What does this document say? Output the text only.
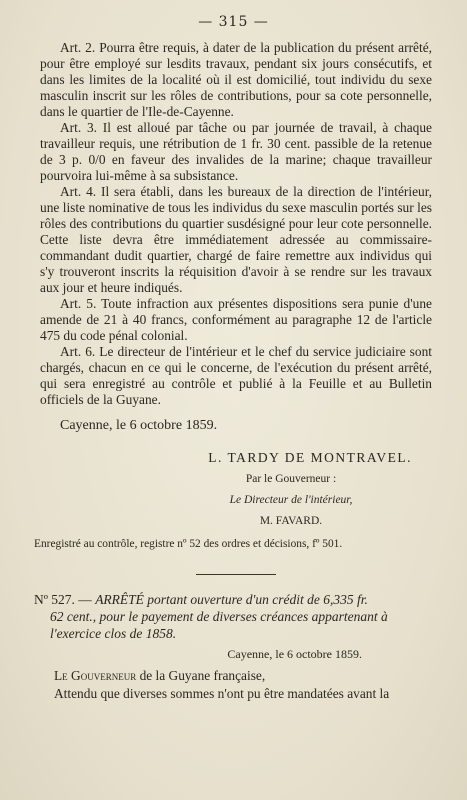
— 315 —

Art. 2. Pourra être requis, à dater de la publication du présent arrêté, pour être employé sur lesdits travaux, pendant six jours consécutifs, et dans les limites de la localité où il est domicilié, tout individu du sexe masculin inscrit sur les rôles de contributions, pour sa cote personnelle, dans le quartier de l'Ile-de-Cayenne.

Art. 3. Il est alloué par tâche ou par journée de travail, à chaque travailleur requis, une rétribution de 1 fr. 30 cent. passible de la retenue de 3 p. 0/0 en faveur des invalides de la marine; chaque travailleur pourvoira lui-même à sa subsistance.

Art. 4. Il sera établi, dans les bureaux de la direction de l'intérieur, une liste nominative de tous les individus du sexe masculin portés sur les rôles des contributions du quartier susdésigné pour leur cote personnelle. Cette liste devra être immédiatement adressée au commissaire-commandant dudit quartier, chargé de faire remettre aux individus qui s'y trouveront inscrits la réquisition d'avoir à se rendre sur les travaux aux jour et heure indiqués.

Art. 5. Toute infraction aux présentes dispositions sera punie d'une amende de 21 à 40 francs, conformément au paragraphe 12 de l'article 475 du code pénal colonial.

Art. 6. Le directeur de l'intérieur et le chef du service judiciaire sont chargés, chacun en ce qui le concerne, de l'exécution du présent arrêté, qui sera enregistré au contrôle et publié à la Feuille et au Bulletin officiels de la Guyane.

Cayenne, le 6 octobre 1859.

L. TARDY DE MONTRAVEL.

Par le Gouverneur :

Le Directeur de l'intérieur,

M. FAVARD.

Enregistré au contrôle, registre nº 52 des ordres et décisions, fº 501.

Nº 527. — ARRÊTÉ portant ouverture d'un crédit de 6,335 fr.
62 cent., pour le payement de diverses créances appartenant à l'exercice clos de 1858.

Cayenne, le 6 octobre 1859.

Le Gouverneur de la Guyane française,

Attendu que diverses sommes n'ont pu être mandatées avant la
